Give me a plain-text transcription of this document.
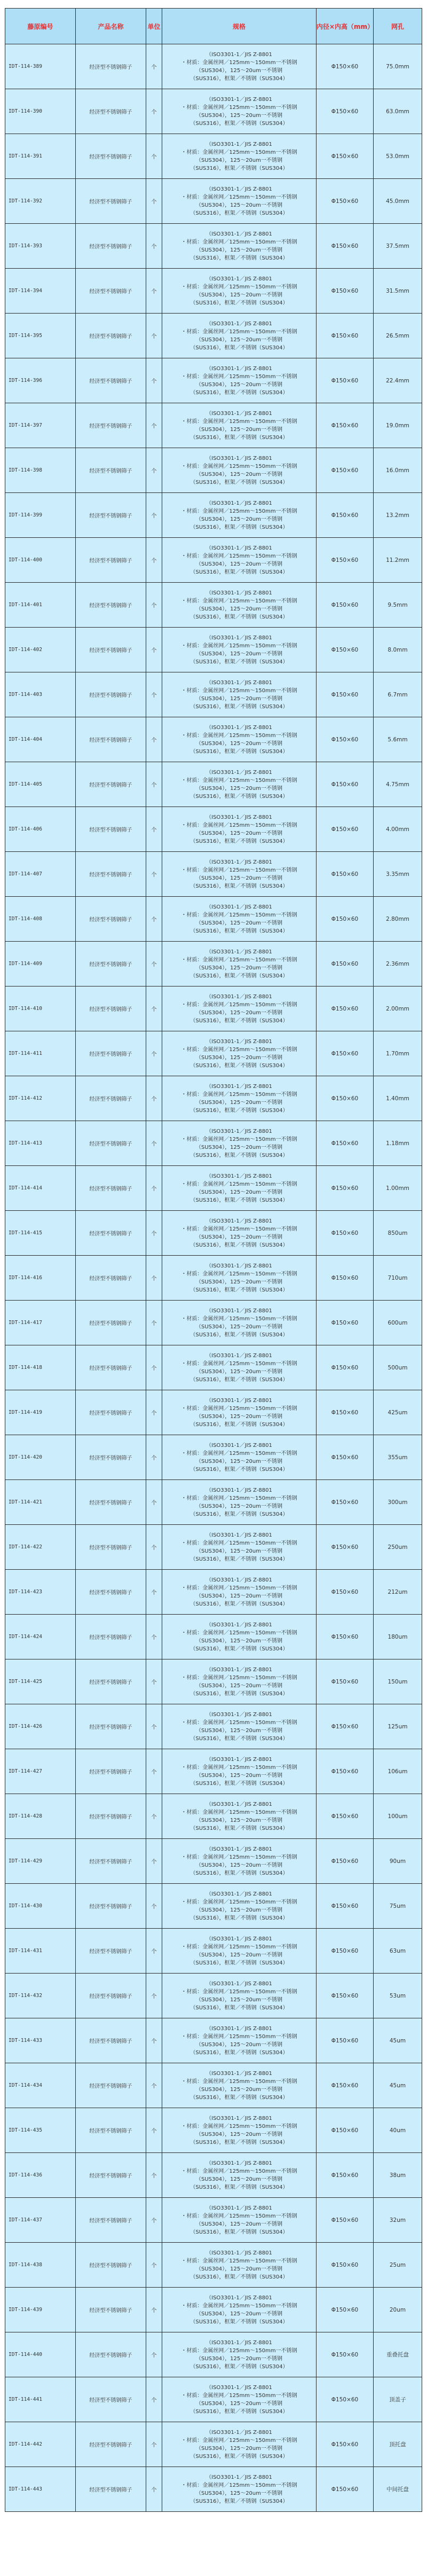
藤原编号	产品名称	单位	规格	内径×内高（mm）	网孔
IDT-114-389	经济型不锈钢筛子	个	（ISO3301-1／JIS Z-8801
・材质：金属丝网／125mm～150mm一不锈钢
（SUS304），125～20um一不锈钢
（SUS316），框架／不锈钢（SUS304）	Φ150×60	75.0mm
IDT-114-390	经济型不锈钢筛子	个	（ISO3301-1／JIS Z-8801
・材质：金属丝网／125mm～150mm一不锈钢
（SUS304），125～20um一不锈钢
（SUS316），框架／不锈钢（SUS304）	Φ150×60	63.0mm
IDT-114-391	经济型不锈钢筛子	个	（ISO3301-1／JIS Z-8801
・材质：金属丝网／125mm～150mm一不锈钢
（SUS304），125～20um一不锈钢
（SUS316），框架／不锈钢（SUS304）	Φ150×60	53.0mm
IDT-114-392	经济型不锈钢筛子	个	（ISO3301-1／JIS Z-8801
・材质：金属丝网／125mm～150mm一不锈钢
（SUS304），125～20um一不锈钢
（SUS316），框架／不锈钢（SUS304）	Φ150×60	45.0mm
IDT-114-393	经济型不锈钢筛子	个	（ISO3301-1／JIS Z-8801
・材质：金属丝网／125mm～150mm一不锈钢
（SUS304），125～20um一不锈钢
（SUS316），框架／不锈钢（SUS304）	Φ150×60	37.5mm
IDT-114-394	经济型不锈钢筛子	个	（ISO3301-1／JIS Z-8801
・材质：金属丝网／125mm～150mm一不锈钢
（SUS304），125～20um一不锈钢
（SUS316），框架／不锈钢（SUS304）	Φ150×60	31.5mm
IDT-114-395	经济型不锈钢筛子	个	（ISO3301-1／JIS Z-8801
・材质：金属丝网／125mm～150mm一不锈钢
（SUS304），125～20um一不锈钢
（SUS316），框架／不锈钢（SUS304）	Φ150×60	26.5mm
IDT-114-396	经济型不锈钢筛子	个	（ISO3301-1／JIS Z-8801
・材质：金属丝网／125mm～150mm一不锈钢
（SUS304），125～20um一不锈钢
（SUS316），框架／不锈钢（SUS304）	Φ150×60	22.4mm
IDT-114-397	经济型不锈钢筛子	个	（ISO3301-1／JIS Z-8801
・材质：金属丝网／125mm～150mm一不锈钢
（SUS304），125～20um一不锈钢
（SUS316），框架／不锈钢（SUS304）	Φ150×60	19.0mm
IDT-114-398	经济型不锈钢筛子	个	（ISO3301-1／JIS Z-8801
・材质：金属丝网／125mm～150mm一不锈钢
（SUS304），125～20um一不锈钢
（SUS316），框架／不锈钢（SUS304）	Φ150×60	16.0mm
IDT-114-399	经济型不锈钢筛子	个	（ISO3301-1／JIS Z-8801
・材质：金属丝网／125mm～150mm一不锈钢
（SUS304），125～20um一不锈钢
（SUS316），框架／不锈钢（SUS304）	Φ150×60	13.2mm
IDT-114-400	经济型不锈钢筛子	个	（ISO3301-1／JIS Z-8801
・材质：金属丝网／125mm～150mm一不锈钢
（SUS304），125～20um一不锈钢
（SUS316），框架／不锈钢（SUS304）	Φ150×60	11.2mm
IDT-114-401	经济型不锈钢筛子	个	（ISO3301-1／JIS Z-8801
・材质：金属丝网／125mm～150mm一不锈钢
（SUS304），125～20um一不锈钢
（SUS316），框架／不锈钢（SUS304）	Φ150×60	9.5mm
IDT-114-402	经济型不锈钢筛子	个	（ISO3301-1／JIS Z-8801
・材质：金属丝网／125mm～150mm一不锈钢
（SUS304），125～20um一不锈钢
（SUS316），框架／不锈钢（SUS304）	Φ150×60	8.0mm
IDT-114-403	经济型不锈钢筛子	个	（ISO3301-1／JIS Z-8801
・材质：金属丝网／125mm～150mm一不锈钢
（SUS304），125～20um一不锈钢
（SUS316），框架／不锈钢（SUS304）	Φ150×60	6.7mm
IDT-114-404	经济型不锈钢筛子	个	（ISO3301-1／JIS Z-8801
・材质：金属丝网／125mm～150mm一不锈钢
（SUS304），125～20um一不锈钢
（SUS316），框架／不锈钢（SUS304）	Φ150×60	5.6mm
IDT-114-405	经济型不锈钢筛子	个	（ISO3301-1／JIS Z-8801
・材质：金属丝网／125mm～150mm一不锈钢
（SUS304），125～20um一不锈钢
（SUS316），框架／不锈钢（SUS304）	Φ150×60	4.75mm
IDT-114-406	经济型不锈钢筛子	个	（ISO3301-1／JIS Z-8801
・材质：金属丝网／125mm～150mm一不锈钢
（SUS304），125～20um一不锈钢
（SUS316），框架／不锈钢（SUS304）	Φ150×60	4.00mm
IDT-114-407	经济型不锈钢筛子	个	（ISO3301-1／JIS Z-8801
・材质：金属丝网／125mm～150mm一不锈钢
（SUS304），125～20um一不锈钢
（SUS316），框架／不锈钢（SUS304）	Φ150×60	3.35mm
IDT-114-408	经济型不锈钢筛子	个	（ISO3301-1／JIS Z-8801
・材质：金属丝网／125mm～150mm一不锈钢
（SUS304），125～20um一不锈钢
（SUS316），框架／不锈钢（SUS304）	Φ150×60	2.80mm
IDT-114-409	经济型不锈钢筛子	个	（ISO3301-1／JIS Z-8801
・材质：金属丝网／125mm～150mm一不锈钢
（SUS304），125～20um一不锈钢
（SUS316），框架／不锈钢（SUS304）	Φ150×60	2.36mm
IDT-114-410	经济型不锈钢筛子	个	（ISO3301-1／JIS Z-8801
・材质：金属丝网／125mm～150mm一不锈钢
（SUS304），125～20um一不锈钢
（SUS316），框架／不锈钢（SUS304）	Φ150×60	2.00mm
IDT-114-411	经济型不锈钢筛子	个	（ISO3301-1／JIS Z-8801
・材质：金属丝网／125mm～150mm一不锈钢
（SUS304），125～20um一不锈钢
（SUS316），框架／不锈钢（SUS304）	Φ150×60	1.70mm
IDT-114-412	经济型不锈钢筛子	个	（ISO3301-1／JIS Z-8801
・材质：金属丝网／125mm～150mm一不锈钢
（SUS304），125～20um一不锈钢
（SUS316），框架／不锈钢（SUS304）	Φ150×60	1.40mm
IDT-114-413	经济型不锈钢筛子	个	（ISO3301-1／JIS Z-8801
・材质：金属丝网／125mm～150mm一不锈钢
（SUS304），125～20um一不锈钢
（SUS316），框架／不锈钢（SUS304）	Φ150×60	1.18mm
IDT-114-414	经济型不锈钢筛子	个	（ISO3301-1／JIS Z-8801
・材质：金属丝网／125mm～150mm一不锈钢
（SUS304），125～20um一不锈钢
（SUS316），框架／不锈钢（SUS304）	Φ150×60	1.00mm
IDT-114-415	经济型不锈钢筛子	个	（ISO3301-1／JIS Z-8801
・材质：金属丝网／125mm～150mm一不锈钢
（SUS304），125～20um一不锈钢
（SUS316），框架／不锈钢（SUS304）	Φ150×60	850um
IDT-114-416	经济型不锈钢筛子	个	（ISO3301-1／JIS Z-8801
・材质：金属丝网／125mm～150mm一不锈钢
（SUS304），125～20um一不锈钢
（SUS316），框架／不锈钢（SUS304）	Φ150×60	710um
IDT-114-417	经济型不锈钢筛子	个	（ISO3301-1／JIS Z-8801
・材质：金属丝网／125mm～150mm一不锈钢
（SUS304），125～20um一不锈钢
（SUS316），框架／不锈钢（SUS304）	Φ150×60	600um
IDT-114-418	经济型不锈钢筛子	个	（ISO3301-1／JIS Z-8801
・材质：金属丝网／125mm～150mm一不锈钢
（SUS304），125～20um一不锈钢
（SUS316），框架／不锈钢（SUS304）	Φ150×60	500um
IDT-114-419	经济型不锈钢筛子	个	（ISO3301-1／JIS Z-8801
・材质：金属丝网／125mm～150mm一不锈钢
（SUS304），125～20um一不锈钢
（SUS316），框架／不锈钢（SUS304）	Φ150×60	425um
IDT-114-420	经济型不锈钢筛子	个	（ISO3301-1／JIS Z-8801
・材质：金属丝网／125mm～150mm一不锈钢
（SUS304），125～20um一不锈钢
（SUS316），框架／不锈钢（SUS304）	Φ150×60	355um
IDT-114-421	经济型不锈钢筛子	个	（ISO3301-1／JIS Z-8801
・材质：金属丝网／125mm～150mm一不锈钢
（SUS304），125～20um一不锈钢
（SUS316），框架／不锈钢（SUS304）	Φ150×60	300um
IDT-114-422	经济型不锈钢筛子	个	（ISO3301-1／JIS Z-8801
・材质：金属丝网／125mm～150mm一不锈钢
（SUS304），125～20um一不锈钢
（SUS316），框架／不锈钢（SUS304）	Φ150×60	250um
IDT-114-423	经济型不锈钢筛子	个	（ISO3301-1／JIS Z-8801
・材质：金属丝网／125mm～150mm一不锈钢
（SUS304），125～20um一不锈钢
（SUS316），框架／不锈钢（SUS304）	Φ150×60	212um
IDT-114-424	经济型不锈钢筛子	个	（ISO3301-1／JIS Z-8801
・材质：金属丝网／125mm～150mm一不锈钢
（SUS304），125～20um一不锈钢
（SUS316），框架／不锈钢（SUS304）	Φ150×60	180um
IDT-114-425	经济型不锈钢筛子	个	（ISO3301-1／JIS Z-8801
・材质：金属丝网／125mm～150mm一不锈钢
（SUS304），125～20um一不锈钢
（SUS316），框架／不锈钢（SUS304）	Φ150×60	150um
IDT-114-426	经济型不锈钢筛子	个	（ISO3301-1／JIS Z-8801
・材质：金属丝网／125mm～150mm一不锈钢
（SUS304），125～20um一不锈钢
（SUS316），框架／不锈钢（SUS304）	Φ150×60	125um
IDT-114-427	经济型不锈钢筛子	个	（ISO3301-1／JIS Z-8801
・材质：金属丝网／125mm～150mm一不锈钢
（SUS304），125～20um一不锈钢
（SUS316），框架／不锈钢（SUS304）	Φ150×60	106um
IDT-114-428	经济型不锈钢筛子	个	（ISO3301-1／JIS Z-8801
・材质：金属丝网／125mm～150mm一不锈钢
（SUS304），125～20um一不锈钢
（SUS316），框架／不锈钢（SUS304）	Φ150×60	100um
IDT-114-429	经济型不锈钢筛子	个	（ISO3301-1／JIS Z-8801
・材质：金属丝网／125mm～150mm一不锈钢
（SUS304），125～20um一不锈钢
（SUS316），框架／不锈钢（SUS304）	Φ150×60	90um
IDT-114-430	经济型不锈钢筛子	个	（ISO3301-1／JIS Z-8801
・材质：金属丝网／125mm～150mm一不锈钢
（SUS304），125～20um一不锈钢
（SUS316），框架／不锈钢（SUS304）	Φ150×60	75um
IDT-114-431	经济型不锈钢筛子	个	（ISO3301-1／JIS Z-8801
・材质：金属丝网／125mm～150mm一不锈钢
（SUS304），125～20um一不锈钢
（SUS316），框架／不锈钢（SUS304）	Φ150×60	63um
IDT-114-432	经济型不锈钢筛子	个	（ISO3301-1／JIS Z-8801
・材质：金属丝网／125mm～150mm一不锈钢
（SUS304），125～20um一不锈钢
（SUS316），框架／不锈钢（SUS304）	Φ150×60	53um
IDT-114-433	经济型不锈钢筛子	个	（ISO3301-1／JIS Z-8801
・材质：金属丝网／125mm～150mm一不锈钢
（SUS304），125～20um一不锈钢
（SUS316），框架／不锈钢（SUS304）	Φ150×60	45um
IDT-114-434	经济型不锈钢筛子	个	（ISO3301-1／JIS Z-8801
・材质：金属丝网／125mm～150mm一不锈钢
（SUS304），125～20um一不锈钢
（SUS316），框架／不锈钢（SUS304）	Φ150×60	45um
IDT-114-435	经济型不锈钢筛子	个	（ISO3301-1／JIS Z-8801
・材质：金属丝网／125mm～150mm一不锈钢
（SUS304），125～20um一不锈钢
（SUS316），框架／不锈钢（SUS304）	Φ150×60	40um
IDT-114-436	经济型不锈钢筛子	个	（ISO3301-1／JIS Z-8801
・材质：金属丝网／125mm～150mm一不锈钢
（SUS304），125～20um一不锈钢
（SUS316），框架／不锈钢（SUS304）	Φ150×60	38um
IDT-114-437	经济型不锈钢筛子	个	（ISO3301-1／JIS Z-8801
・材质：金属丝网／125mm～150mm一不锈钢
（SUS304），125～20um一不锈钢
（SUS316），框架／不锈钢（SUS304）	Φ150×60	32um
IDT-114-438	经济型不锈钢筛子	个	（ISO3301-1／JIS Z-8801
・材质：金属丝网／125mm～150mm一不锈钢
（SUS304），125～20um一不锈钢
（SUS316），框架／不锈钢（SUS304）	Φ150×60	25um
IDT-114-439	经济型不锈钢筛子	个	（ISO3301-1／JIS Z-8801
・材质：金属丝网／125mm～150mm一不锈钢
（SUS304），125～20um一不锈钢
（SUS316），框架／不锈钢（SUS304）	Φ150×60	20um
IDT-114-440	经济型不锈钢筛子	个	（ISO3301-1／JIS Z-8801
・材质：金属丝网／125mm～150mm一不锈钢
（SUS304），125～20um一不锈钢
（SUS316），框架／不锈钢（SUS304）	Φ150×60	重叠托盘
IDT-114-441	经济型不锈钢筛子	个	（ISO3301-1／JIS Z-8801
・材质：金属丝网／125mm～150mm一不锈钢
（SUS304），125～20um一不锈钢
（SUS316），框架／不锈钢（SUS304）	Φ150×60	顶盖子
IDT-114-442	经济型不锈钢筛子	个	（ISO3301-1／JIS Z-8801
・材质：金属丝网／125mm～150mm一不锈钢
（SUS304），125～20um一不锈钢
（SUS316），框架／不锈钢（SUS304）	Φ150×60	顶托盘
IDT-114-443	经济型不锈钢筛子	个	（ISO3301-1／JIS Z-8801
・材质：金属丝网／125mm～150mm一不锈钢
（SUS304），125～20um一不锈钢
（SUS316），框架／不锈钢（SUS304）	Φ150×60	中间托盘
